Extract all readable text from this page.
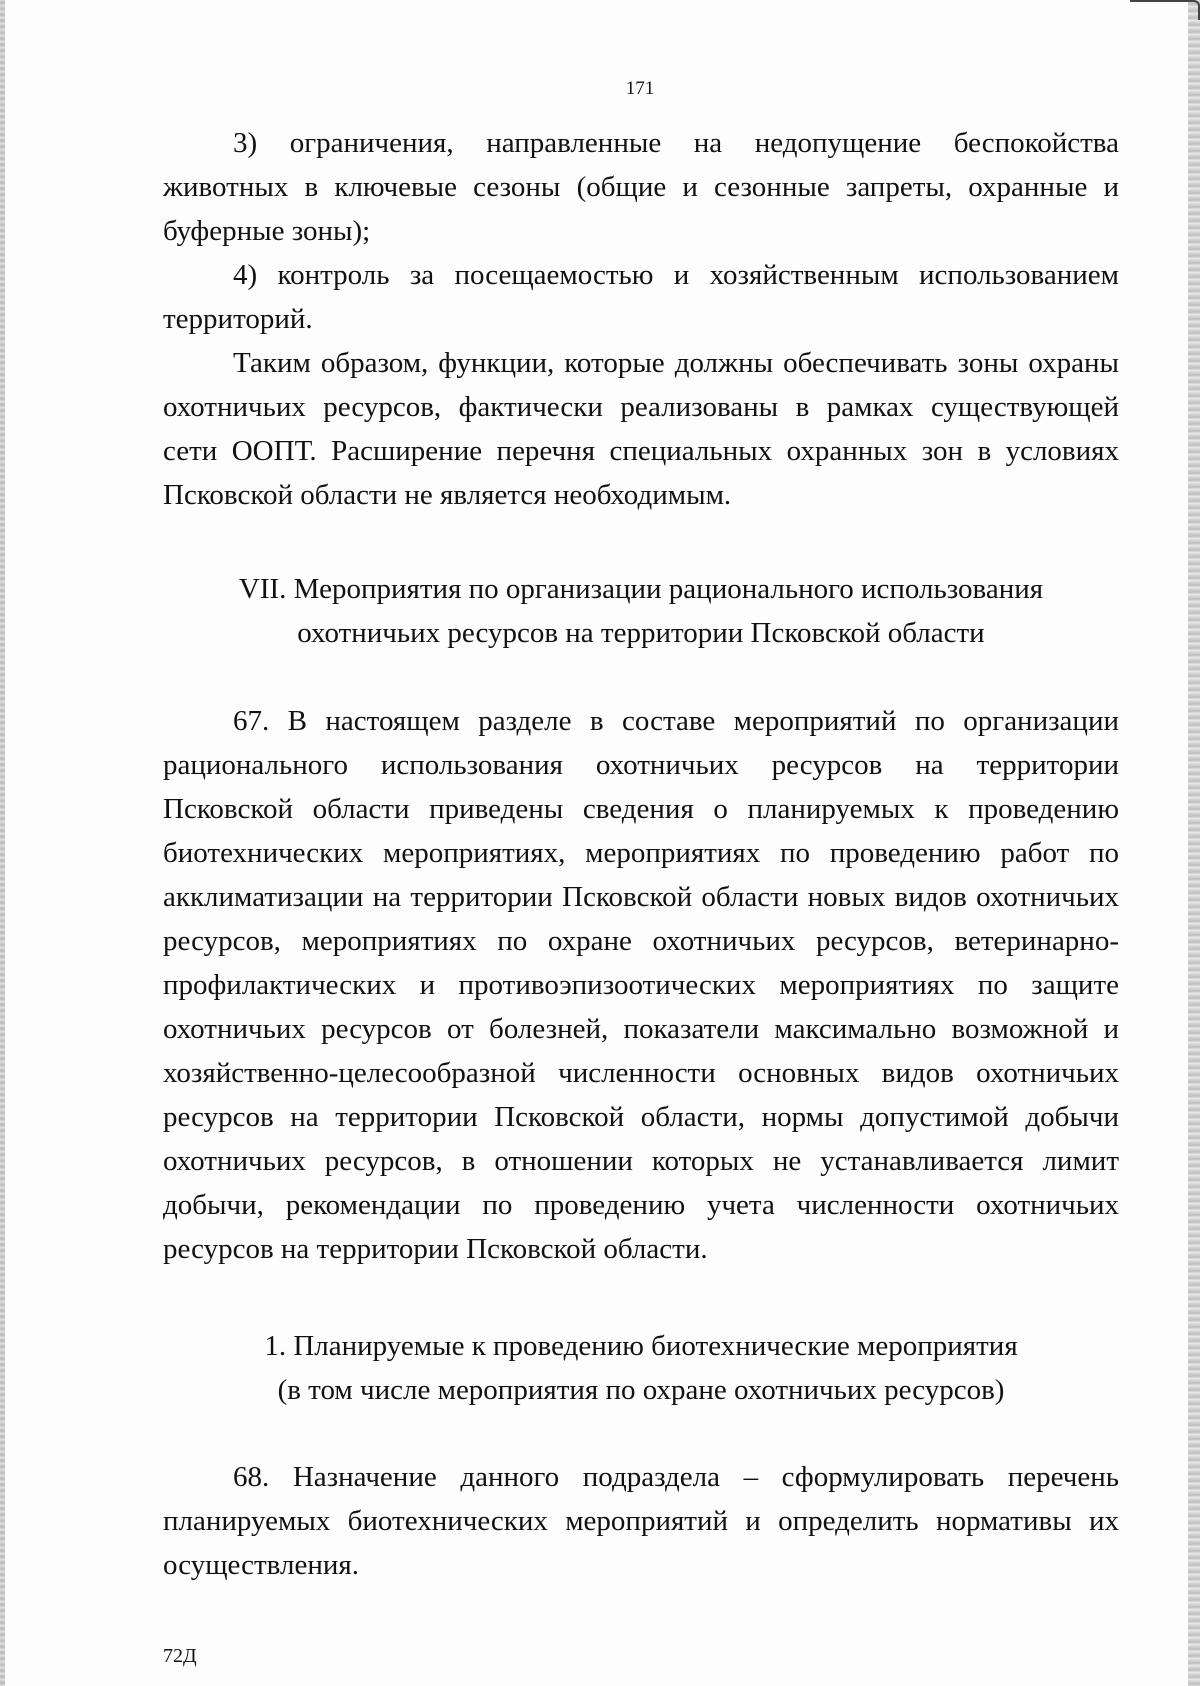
171

3) ограничения, направленные на недопущение беспокойства животных в ключевые сезоны (общие и сезонные запреты, охранные и буферные зоны);

4) контроль за посещаемостью и хозяйственным использованием территорий.

Таким образом, функции, которые должны обеспечивать зоны охраны охотничьих ресурсов, фактически реализованы в рамках существующей сети ООПТ. Расширение перечня специальных охранных зон в условиях Псковской области не является необходимым.

VII. Мероприятия по организации рационального использования
охотничьих ресурсов на территории Псковской области

67. В настоящем разделе в составе мероприятий по организации рационального использования охотничьих ресурсов на территории Псковской области приведены сведения о планируемых к проведению биотехнических мероприятиях, мероприятиях по проведению работ по акклиматизации на территории Псковской области новых видов охотничьих ресурсов, мероприятиях по охране охотничьих ресурсов, ветеринарно-профилактических и противоэпизоотических мероприятиях по защите охотничьих ресурсов от болезней, показатели максимально возможной и хозяйственно-целесообразной численности основных видов охотничьих ресурсов на территории Псковской области, нормы допустимой добычи охотничьих ресурсов, в отношении которых не устанавливается лимит добычи, рекомендации по проведению учета численности охотничьих ресурсов на территории Псковской области.

1. Планируемые к проведению биотехнические мероприятия
(в том числе мероприятия по охране охотничьих ресурсов)

68. Назначение данного подраздела – сформулировать перечень планируемых биотехнических мероприятий и определить нормативы их осуществления.

72Д
